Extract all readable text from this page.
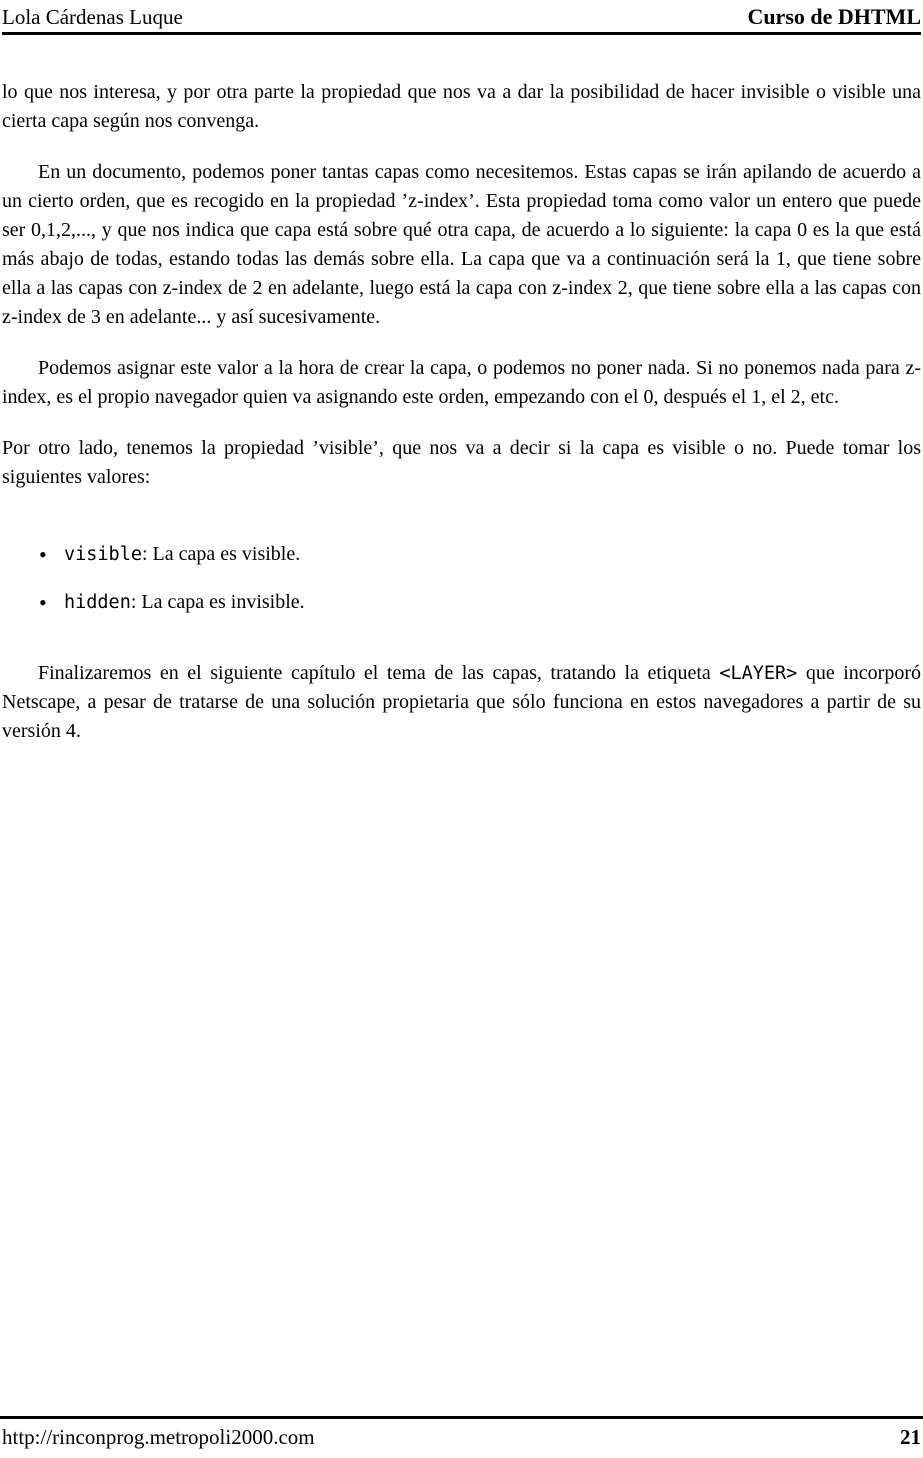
Lola Cárdenas Luque	Curso de DHTML

lo que nos interesa, y por otra parte la propiedad que nos va a dar la posibilidad de hacer invisible o visible una cierta capa según nos convenga.

En un documento, podemos poner tantas capas como necesitemos. Estas capas se irán apilando de acuerdo a un cierto orden, que es recogido en la propiedad ’z-index’. Esta propiedad toma como valor un entero que puede ser 0,1,2,..., y que nos indica que capa está sobre qué otra capa, de acuerdo a lo siguiente: la capa 0 es la que está más abajo de todas, estando todas las demás sobre ella. La capa que va a continuación será la 1, que tiene sobre ella a las capas con z-index de 2 en adelante, luego está la capa con z-index 2, que tiene sobre ella a las capas con z-index de 3 en adelante... y así sucesivamente.

Podemos asignar este valor a la hora de crear la capa, o podemos no poner nada. Si no ponemos nada para z-index, es el propio navegador quien va asignando este orden, empezando con el 0, después el 1, el 2, etc.

Por otro lado, tenemos la propiedad ’visible’, que nos va a decir si la capa es visible o no. Puede tomar los siguientes valores:

• visible: La capa es visible.
• hidden: La capa es invisible.

Finalizaremos en el siguiente capítulo el tema de las capas, tratando la etiqueta <LAYER> que incorporó Netscape, a pesar de tratarse de una solución propietaria que sólo funciona en estos navegadores a partir de su versión 4.

http://rinconprog.metropoli2000.com	21
